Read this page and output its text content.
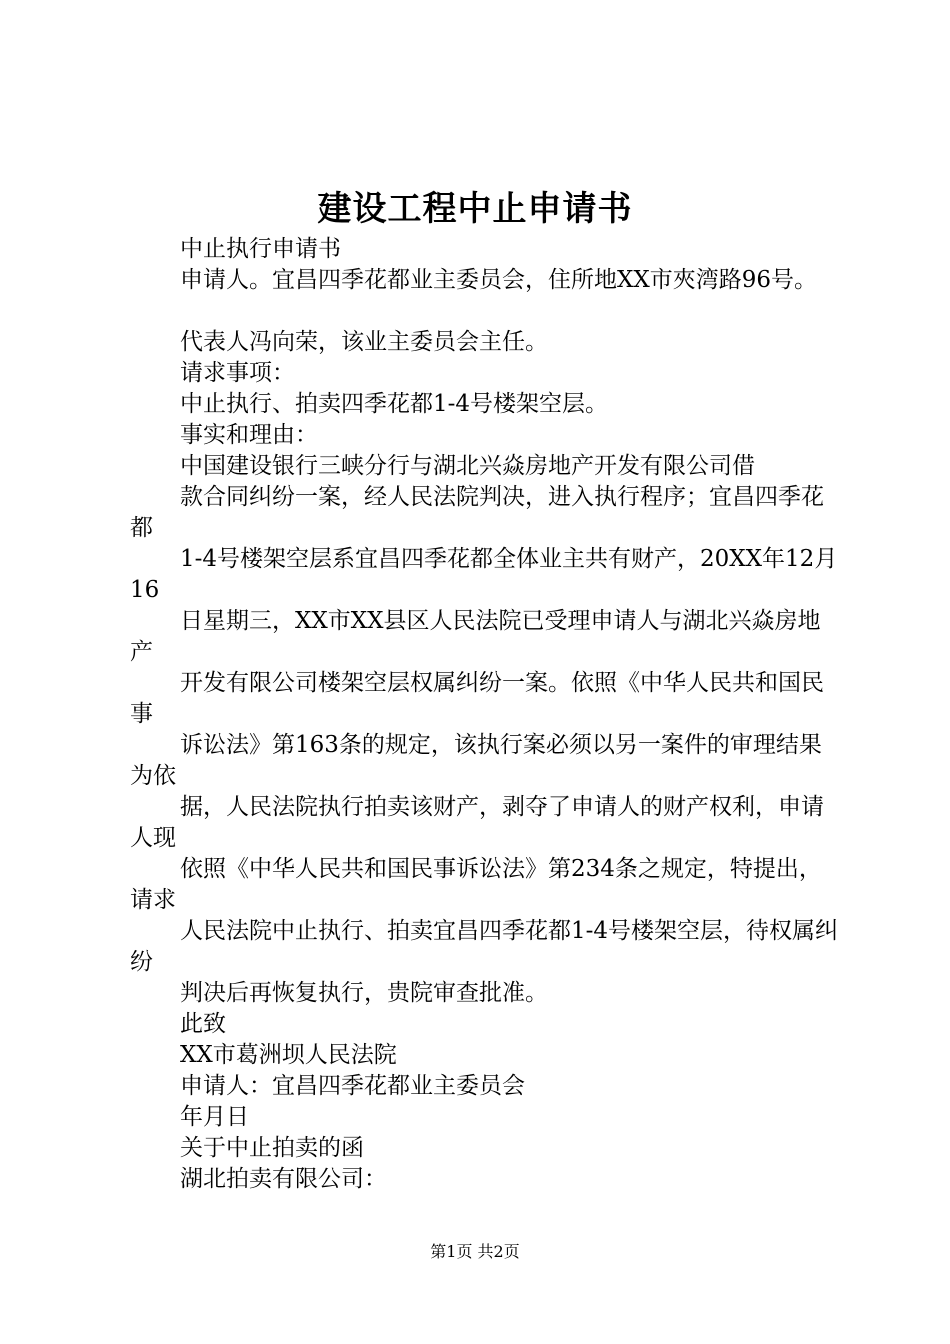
建设工程中止申请书
中止执行申请书
申请人。宜昌四季花都业主委员会，住所地XX市夾湾路96号。
代表人冯向荣，该业主委员会主任。
请求事项：
中止执行、拍卖四季花都1-4号楼架空层。
事实和理由：
中国建设银行三峡分行与湖北兴焱房地产开发有限公司借
款合同纠纷一案，经人民法院判决，进入执行程序；宜昌四季花都
1-4号楼架空层系宜昌四季花都全体业主共有财产，20XX年12月16
日星期三，XX市XX县区人民法院已受理申请人与湖北兴焱房地产
开发有限公司楼架空层权属纠纷一案。依照《中华人民共和国民事
诉讼法》第163条的规定，该执行案必须以另一案件的审理结果为依
据，人民法院执行拍卖该财产，剥夺了申请人的财产权利，申请人现
依照《中华人民共和国民事诉讼法》第234条之规定，特提出，请求
人民法院中止执行、拍卖宜昌四季花都1-4号楼架空层，待权属纠纷
判决后再恢复执行，贵院审查批准。
此致
XX市葛洲坝人民法院
申请人：宜昌四季花都业主委员会
年月日
关于中止拍卖的函
湖北拍卖有限公司：
第1页 共2页
